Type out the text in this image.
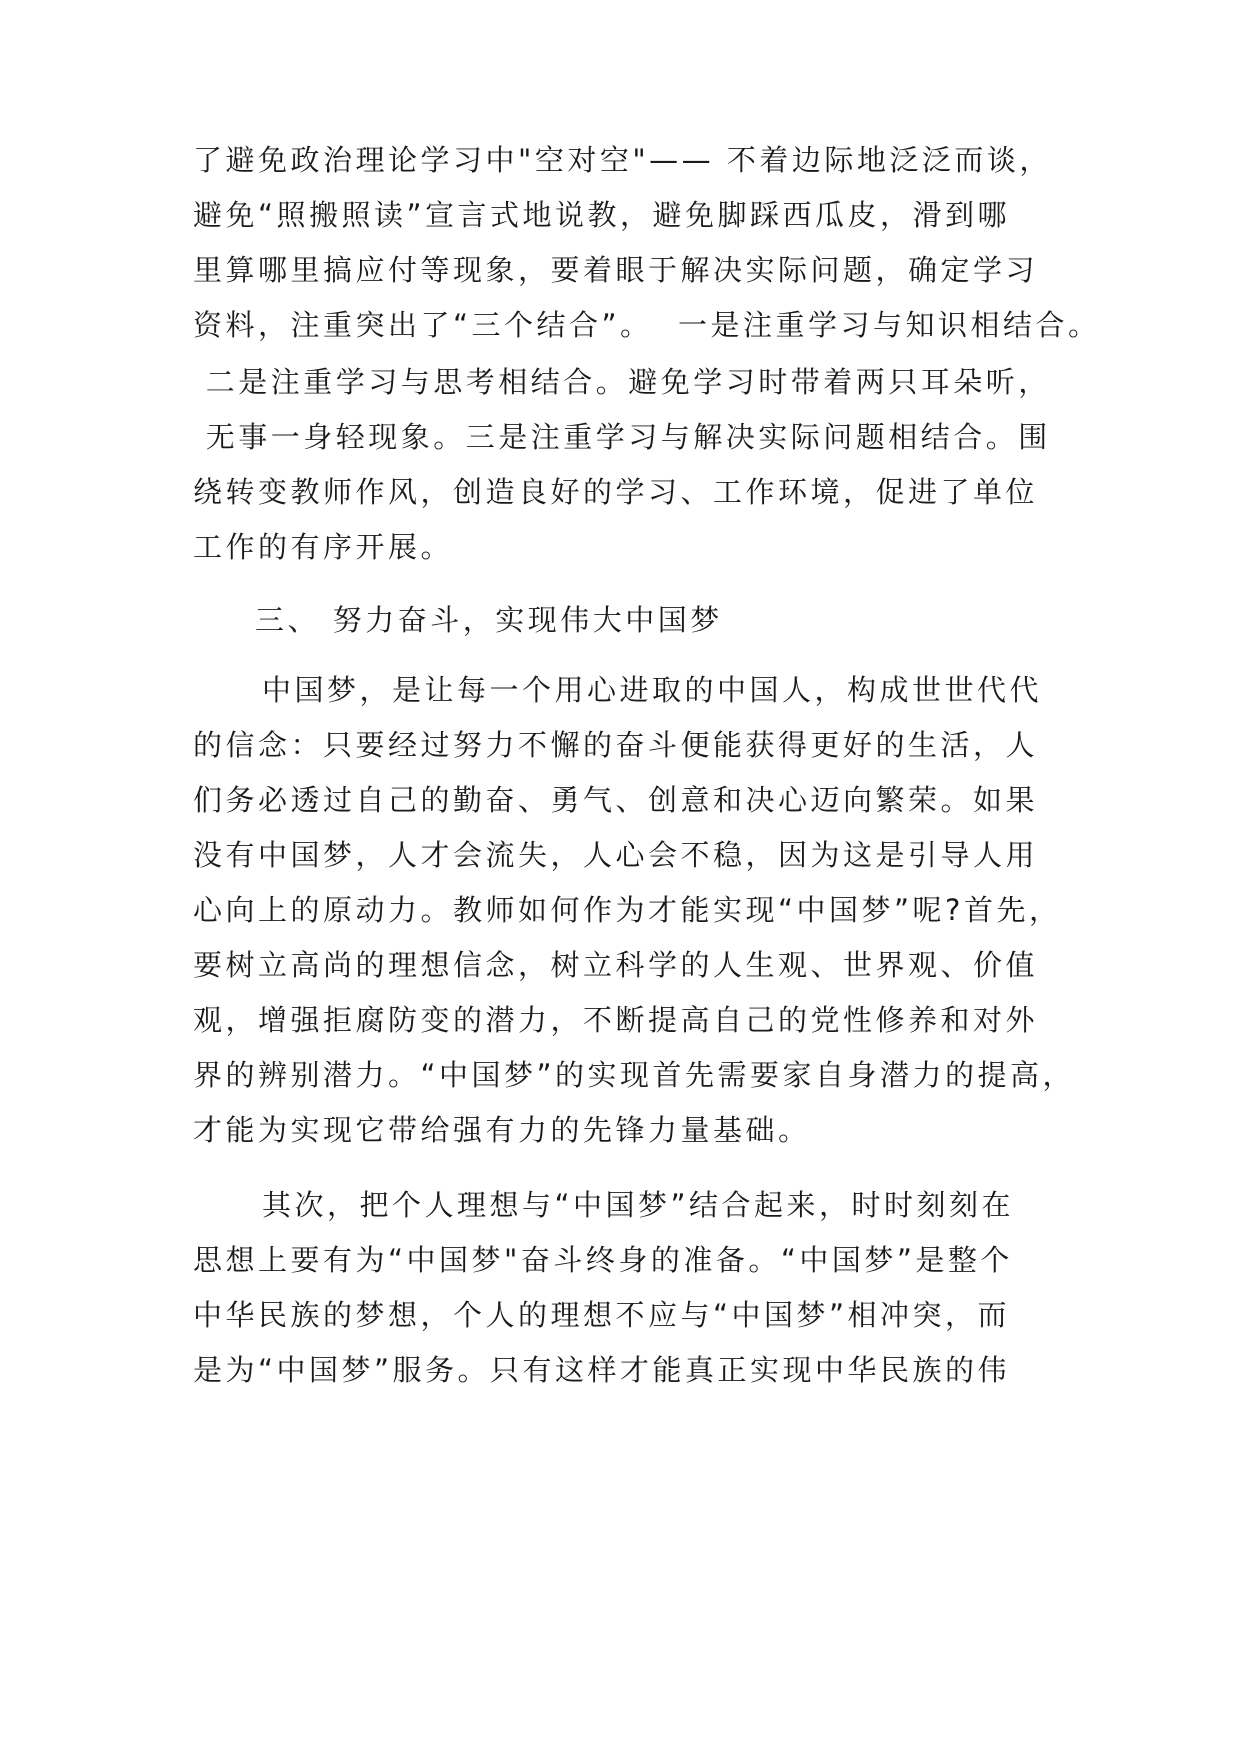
了避免政治理论学习中"空对空"—— 不着边际地泛泛而谈，
避免“照搬照读”宣言式地说教，避免脚踩西瓜皮，滑到哪
里算哪里搞应付等现象，要着眼于解决实际问题，确定学习
资料，注重突出了“三个结合”。  一是注重学习与知识相结合。
二是注重学习与思考相结合。避免学习时带着两只耳朵听，
无事一身轻现象。三是注重学习与解决实际问题相结合。围
绕转变教师作风，创造良好的学习、工作环境，促进了单位
工作的有序开展。
三、 努力奋斗，实现伟大中国梦
中国梦，是让每一个用心进取的中国人，构成世世代代
的信念：只要经过努力不懈的奋斗便能获得更好的生活，人
们务必透过自己的勤奋、勇气、创意和决心迈向繁荣。如果
没有中国梦，人才会流失，人心会不稳，因为这是引导人用
心向上的原动力。教师如何作为才能实现“中国梦”呢?首先，
要树立高尚的理想信念，树立科学的人生观、世界观、价值
观，增强拒腐防变的潜力，不断提高自己的党性修养和对外
界的辨别潜力。“中国梦”的实现首先需要家自身潜力的提高，
才能为实现它带给强有力的先锋力量基础。
其次，把个人理想与“中国梦”结合起来，时时刻刻在
思想上要有为“中国梦"奋斗终身的准备。“中国梦”是整个
中华民族的梦想，个人的理想不应与“中国梦”相冲突，而
是为“中国梦”服务。只有这样才能真正实现中华民族的伟
